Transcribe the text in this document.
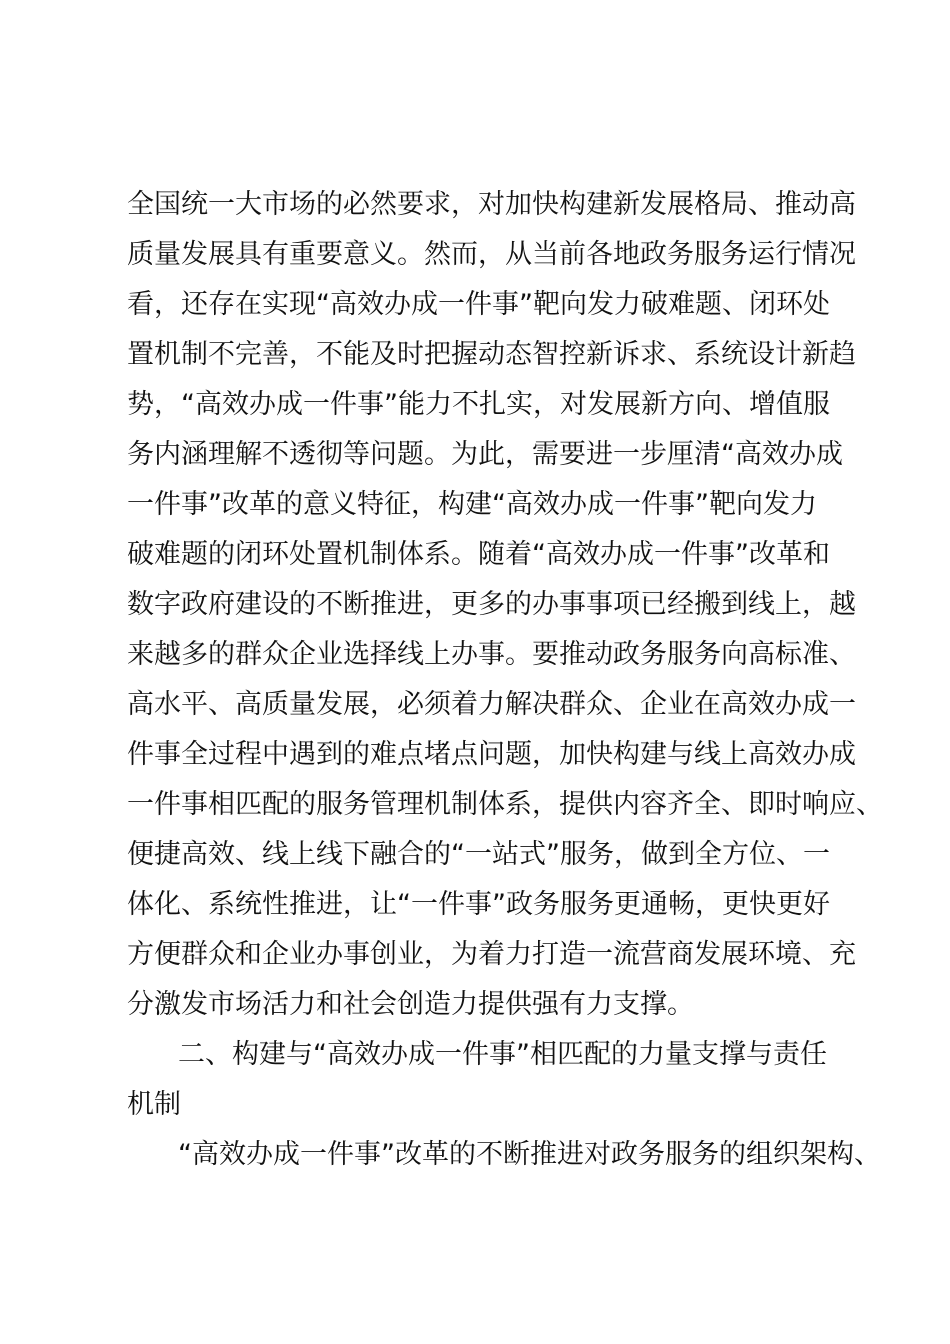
全国统一大市场的必然要求，对加快构建新发展格局、推动高
质量发展具有重要意义。然而，从当前各地政务服务运行情况
看，还存在实现“高效办成一件事”靶向发力破难题、闭环处
置机制不完善，不能及时把握动态智控新诉求、系统设计新趋
势，“高效办成一件事”能力不扎实，对发展新方向、增值服
务内涵理解不透彻等问题。为此，需要进一步厘清“高效办成
一件事”改革的意义特征，构建“高效办成一件事”靶向发力
破难题的闭环处置机制体系。随着“高效办成一件事”改革和
数字政府建设的不断推进，更多的办事事项已经搬到线上，越
来越多的群众企业选择线上办事。要推动政务服务向高标准、
高水平、高质量发展，必须着力解决群众、企业在高效办成一
件事全过程中遇到的难点堵点问题，加快构建与线上高效办成
一件事相匹配的服务管理机制体系，提供内容齐全、即时响应、
便捷高效、线上线下融合的“一站式”服务，做到全方位、一
体化、系统性推进，让“一件事”政务服务更通畅，更快更好
方便群众和企业办事创业，为着力打造一流营商发展环境、充
分激发市场活力和社会创造力提供强有力支撑。
二、构建与“高效办成一件事”相匹配的力量支撑与责任
机制
“高效办成一件事”改革的不断推进对政务服务的组织架构、
